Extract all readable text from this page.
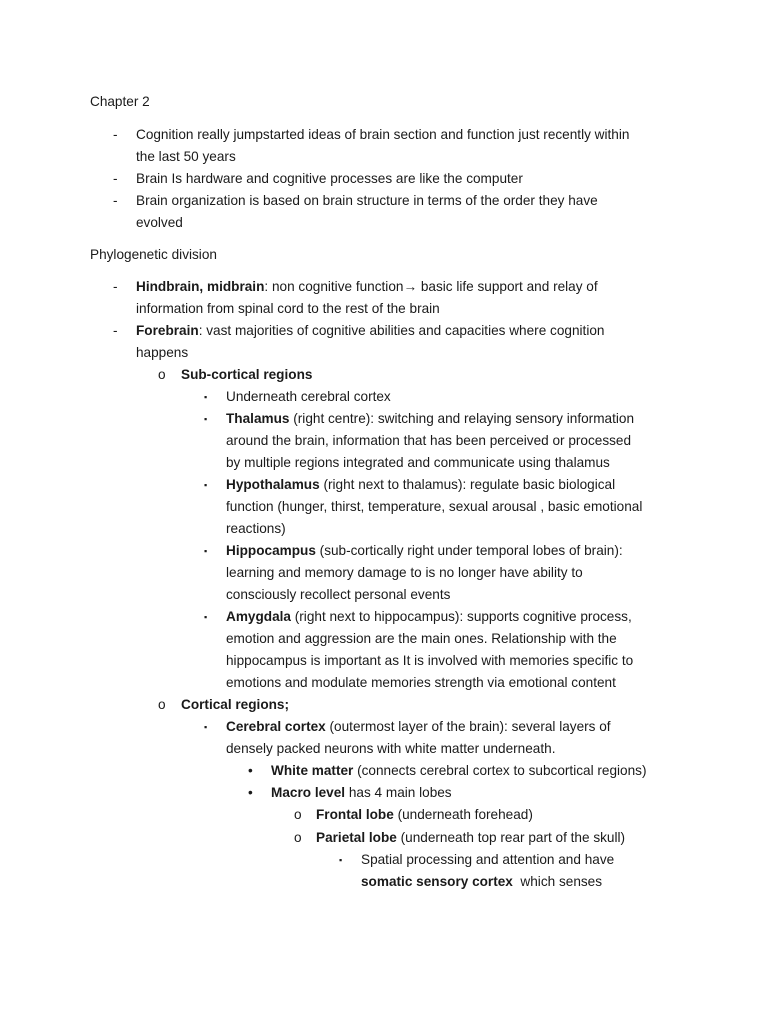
Chapter 2
- Cognition really jumpstarted ideas of brain section and function just recently within
the last 50 years
- Brain Is hardware and cognitive processes are like the computer
- Brain organization is based on brain structure in terms of the order they have
evolved
Phylogenetic division
- Hindbrain, midbrain: non cognitive function→ basic life support and relay of
information from spinal cord to the rest of the brain
- Forebrain: vast majorities of cognitive abilities and capacities where cognition
happens
o Sub-cortical regions
▪ Underneath cerebral cortex
▪ Thalamus (right centre): switching and relaying sensory information
around the brain, information that has been perceived or processed
by multiple regions integrated and communicate using thalamus
▪ Hypothalamus (right next to thalamus): regulate basic biological
function (hunger, thirst, temperature, sexual arousal , basic emotional
reactions)
▪ Hippocampus (sub-cortically right under temporal lobes of brain):
learning and memory damage to is no longer have ability to
consciously recollect personal events
▪ Amygdala (right next to hippocampus): supports cognitive process,
emotion and aggression are the main ones. Relationship with the
hippocampus is important as It is involved with memories specific to
emotions and modulate memories strength via emotional content
o Cortical regions;
▪ Cerebral cortex (outermost layer of the brain): several layers of
densely packed neurons with white matter underneath.
• White matter (connects cerebral cortex to subcortical regions)
• Macro level has 4 main lobes
o Frontal lobe (underneath forehead)
o Parietal lobe (underneath top rear part of the skull)
▪ Spatial processing and attention and have
somatic sensory cortex  which senses
